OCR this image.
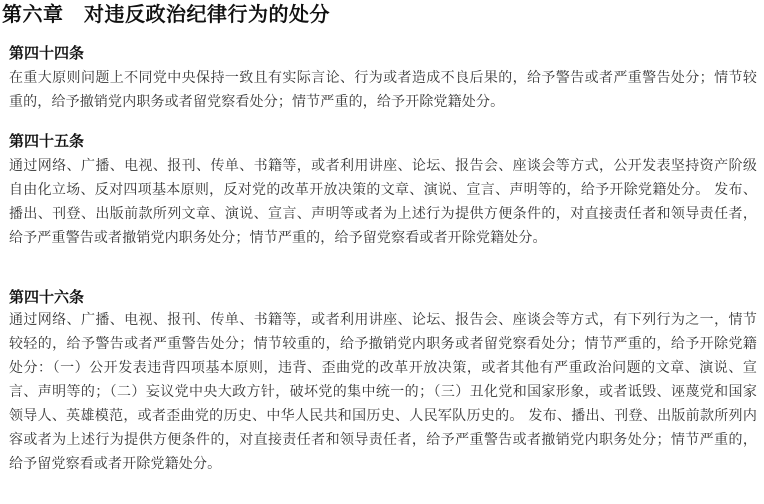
第六章　对违反政治纪律行为的处分
第四十四条

在重大原则问题上不同党中央保持一致且有实际言论、行为或者造成不良后果的，给予警告或者严重警告处分；情节较重的，给予撤销党内职务或者留党察看处分；情节严重的，给予开除党籍处分。

第四十五条

通过网络、广播、电视、报刊、传单、书籍等，或者利用讲座、论坛、报告会、座谈会等方式，公开发表坚持资产阶级自由化立场、反对四项基本原则，反对党的改革开放决策的文章、演说、宣言、声明等的，给予开除党籍处分。 发布、播出、刊登、出版前款所列文章、演说、宣言、声明等或者为上述行为提供方便条件的，对直接责任者和领导责任者，给予严重警告或者撤销党内职务处分；情节严重的，给予留党察看或者开除党籍处分。

第四十六条

通过网络、广播、电视、报刊、传单、书籍等，或者利用讲座、论坛、报告会、座谈会等方式，有下列行为之一，情节较轻的，给予警告或者严重警告处分；情节较重的，给予撤销党内职务或者留党察看处分；情节严重的，给予开除党籍处分：（一）公开发表违背四项基本原则，违背、歪曲党的改革开放决策，或者其他有严重政治问题的文章、演说、宣言、声明等的；（二）妄议党中央大政方针，破坏党的集中统一的；（三）丑化党和国家形象，或者诋毁、诬蔑党和国家领导人、英雄模范，或者歪曲党的历史、中华人民共和国历史、人民军队历史的。 发布、播出、刊登、出版前款所列内容或者为上述行为提供方便条件的，对直接责任者和领导责任者，给予严重警告或者撤销党内职务处分；情节严重的，给予留党察看或者开除党籍处分。
